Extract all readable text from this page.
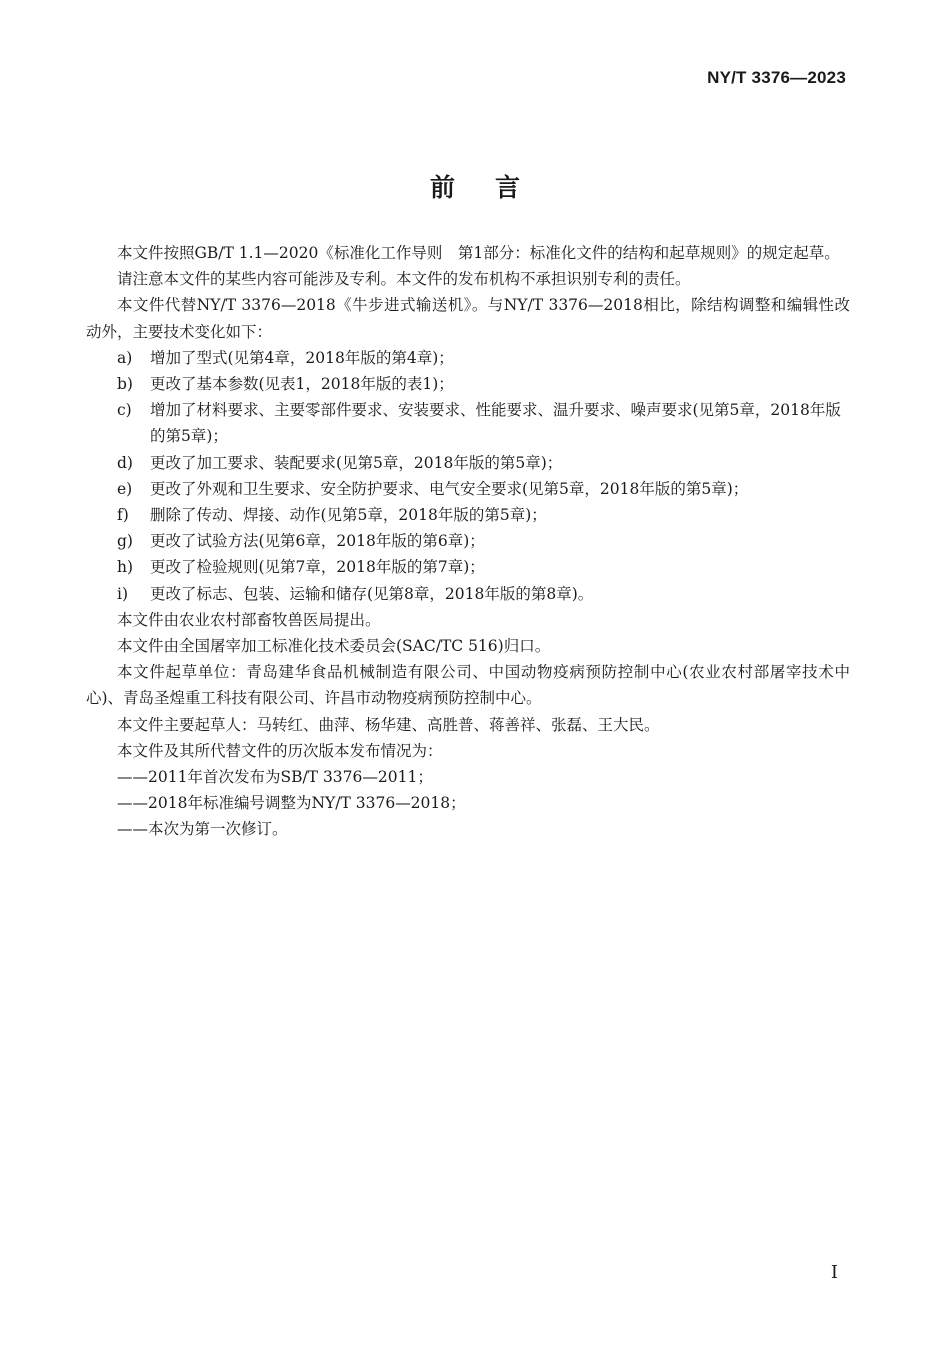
NY/T 3376—2023
前言

本文件按照GB/T 1.1—2020《标准化工作导则　第1部分：标准化文件的结构和起草规则》的规定起草。

请注意本文件的某些内容可能涉及专利。本文件的发布机构不承担识别专利的责任。

本文件代替NY/T 3376—2018《牛步进式输送机》。与NY/T 3376—2018相比，除结构调整和编辑性改动外，主要技术变化如下：

a) 增加了型式(见第4章，2018年版的第4章)；

b) 更改了基本参数(见表1，2018年版的表1)；

c) 增加了材料要求、主要零部件要求、安装要求、性能要求、温升要求、噪声要求(见第5章，2018年版的第5章)；

d) 更改了加工要求、装配要求(见第5章，2018年版的第5章)；

e) 更改了外观和卫生要求、安全防护要求、电气安全要求(见第5章，2018年版的第5章)；

f) 删除了传动、焊接、动作(见第5章，2018年版的第5章)；

g) 更改了试验方法(见第6章，2018年版的第6章)；

h) 更改了检验规则(见第7章，2018年版的第7章)；

i) 更改了标志、包装、运输和储存(见第8章，2018年版的第8章)。

本文件由农业农村部畜牧兽医局提出。

本文件由全国屠宰加工标准化技术委员会(SAC/TC 516)归口。

本文件起草单位：青岛建华食品机械制造有限公司、中国动物疫病预防控制中心(农业农村部屠宰技术中心)、青岛圣煌重工科技有限公司、许昌市动物疫病预防控制中心。

本文件主要起草人：马转红、曲萍、杨华建、高胜普、蒋善祥、张磊、王大民。

本文件及其所代替文件的历次版本发布情况为：

——2011年首次发布为SB/T 3376—2011；

——2018年标准编号调整为NY/T 3376—2018；

——本次为第一次修订。

I
